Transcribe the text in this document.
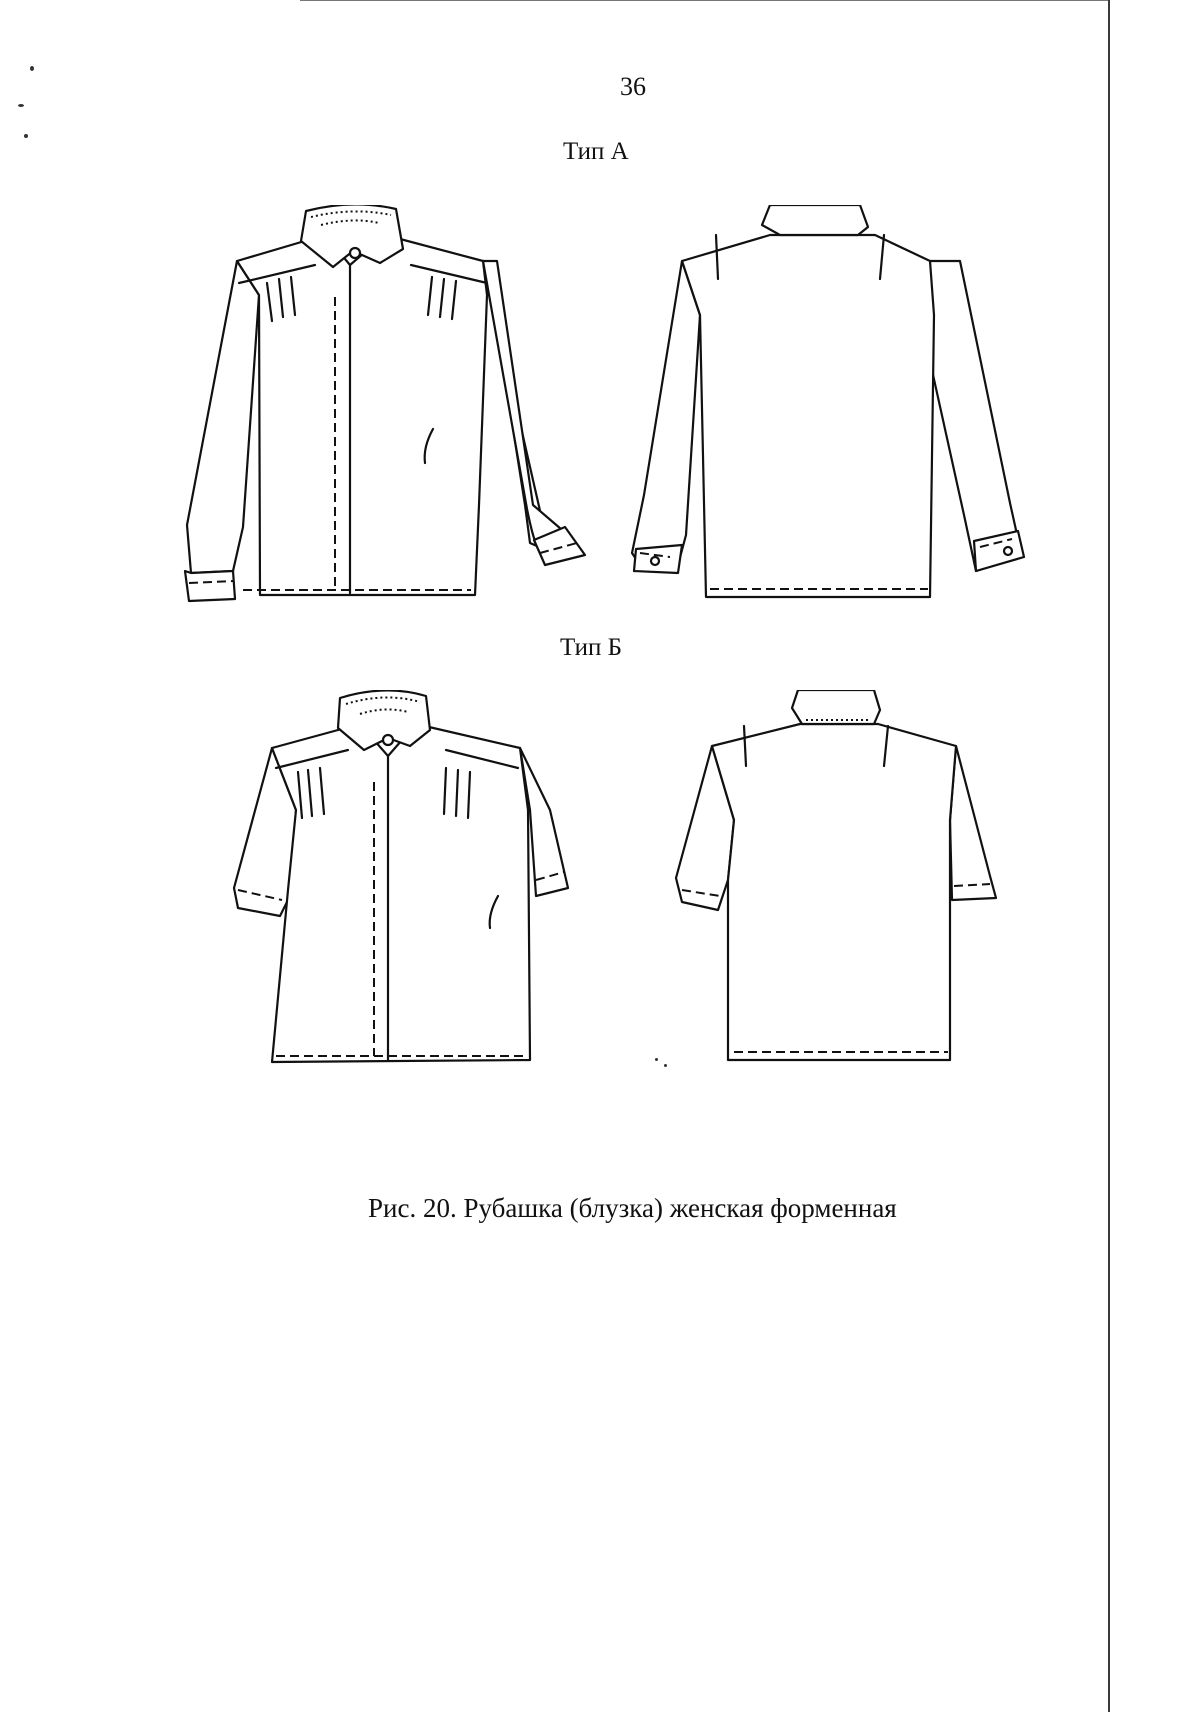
36
Тип А
Тип Б
Рис. 20. Рубашка (блузка) женская форменная
